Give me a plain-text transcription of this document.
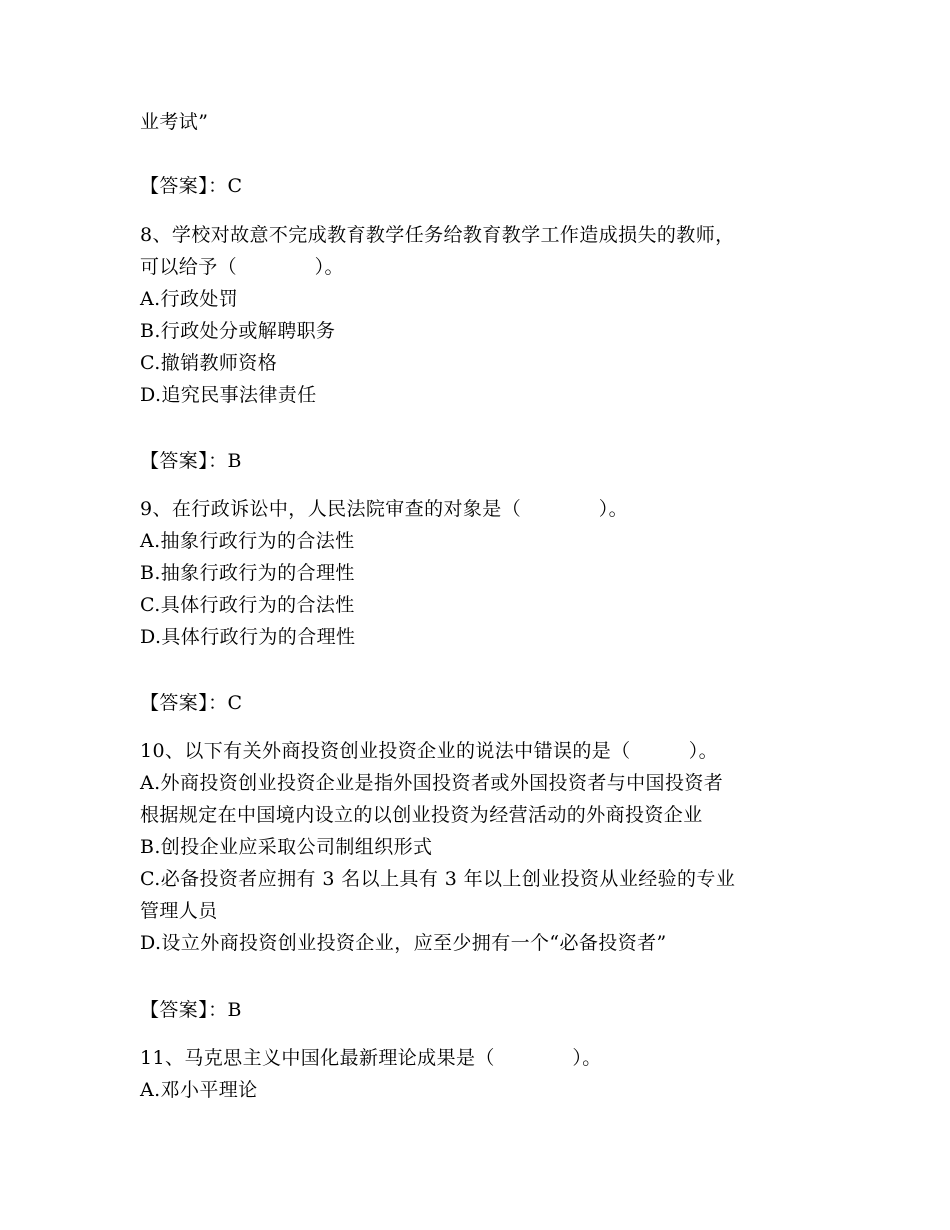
业考试”
【答案】：C
8、学校对故意不完成教育教学任务给教育教学工作造成损失的教师，
可以给予（　　　　）。
A.行政处罚
B.行政处分或解聘职务
C.撤销教师资格
D.追究民事法律责任
【答案】：B
9、在行政诉讼中，人民法院审查的对象是（　　　　）。
A.抽象行政行为的合法性
B.抽象行政行为的合理性
C.具体行政行为的合法性
D.具体行政行为的合理性
【答案】：C
10、以下有关外商投资创业投资企业的说法中错误的是（　　　）。
A.外商投资创业投资企业是指外国投资者或外国投资者与中国投资者
根据规定在中国境内设立的以创业投资为经营活动的外商投资企业
B.创投企业应采取公司制组织形式
C.必备投资者应拥有 3 名以上具有 3 年以上创业投资从业经验的专业
管理人员
D.设立外商投资创业投资企业，应至少拥有一个“必备投资者”
【答案】：B
11、马克思主义中国化最新理论成果是（　　　　）。
A.邓小平理论
